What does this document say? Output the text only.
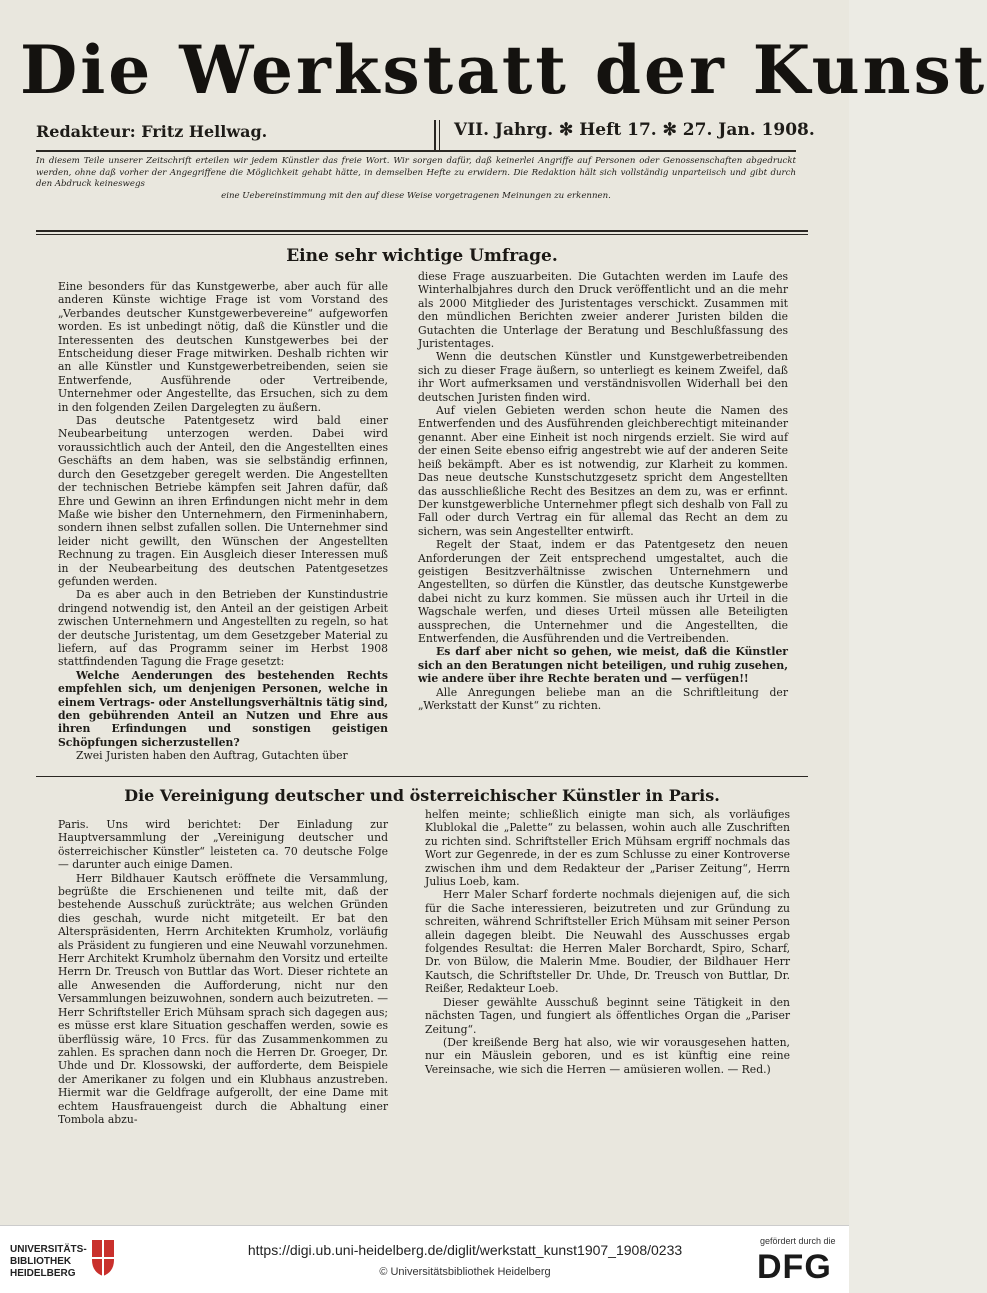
Die Werkstatt der Kunst
Redakteur: Fritz Hellwag.	VII. Jahrg. ✻ Heft 17. ✻ 27. Jan. 1908.
In diesem Teile unserer Zeitschrift erteilen wir jedem Künstler das freie Wort. Wir sorgen dafür, daß keinerlei Angriffe auf Personen oder Genossenschaften abgedruckt werden, ohne daß vorher der Angegriffene die Möglichkeit gehabt hätte, in demselben Hefte zu erwidern. Die Redaktion hält sich vollständig unparteiisch und gibt durch den Abdruck keineswegs
eine Uebereinstimmung mit den auf diese Weise vorgetragenen Meinungen zu erkennen.
Eine sehr wichtige Umfrage.

Eine besonders für das Kunstgewerbe, aber auch für alle anderen Künste wichtige Frage ist vom Vorstand des „Verbandes deutscher Kunstgewerbevereine“ aufgeworfen worden. Es ist unbedingt nötig, daß die Künstler und die Interessenten des deutschen Kunstgewerbes bei der Entscheidung dieser Frage mitwirken. Deshalb richten wir an alle Künstler und Kunstgewerbetreibenden, seien sie Entwerfende, Ausführende oder Vertreibende, Unternehmer oder Angestellte, das Ersuchen, sich zu dem in den folgenden Zeilen Dargelegten zu äußern.

Das deutsche Patentgesetz wird bald einer Neubearbeitung unterzogen werden. Dabei wird voraussichtlich auch der Anteil, den die Angestellten eines Geschäfts an dem haben, was sie selbständig erfinnen, durch den Gesetzgeber geregelt werden. Die Angestellten der technischen Betriebe kämpfen seit Jahren dafür, daß Ehre und Gewinn an ihren Erfindungen nicht mehr in dem Maße wie bisher den Unternehmern, den Firmeninhabern, sondern ihnen selbst zufallen sollen. Die Unternehmer sind leider nicht gewillt, den Wünschen der Angestellten Rechnung zu tragen. Ein Ausgleich dieser Interessen muß in der Neubearbeitung des deutschen Patentgesetzes gefunden werden.

Da es aber auch in den Betrieben der Kunstindustrie dringend notwendig ist, den Anteil an der geistigen Arbeit zwischen Unternehmern und Angestellten zu regeln, so hat der deutsche Juristentag, um dem Gesetzgeber Material zu liefern, auf das Programm seiner im Herbst 1908 stattfindenden Tagung die Frage gesetzt:

Welche Aenderungen des bestehenden Rechts empfehlen sich, um denjenigen Personen, welche in einem Vertrags- oder Anstellungsverhältnis tätig sind, den gebührenden Anteil an Nutzen und Ehre aus ihren Erfindungen und sonstigen geistigen Schöpfungen sicherzustellen?

Zwei Juristen haben den Auftrag, Gutachten über

diese Frage auszuarbeiten. Die Gutachten werden im Laufe des Winterhalbjahres durch den Druck veröffentlicht und an die mehr als 2000 Mitglieder des Juristentages verschickt. Zusammen mit den mündlichen Berichten zweier anderer Juristen bilden die Gutachten die Unterlage der Beratung und Beschlußfassung des Juristentages.

Wenn die deutschen Künstler und Kunstgewerbetreibenden sich zu dieser Frage äußern, so unterliegt es keinem Zweifel, daß ihr Wort aufmerksamen und verständnisvollen Widerhall bei den deutschen Juristen finden wird.

Auf vielen Gebieten werden schon heute die Namen des Entwerfenden und des Ausführenden gleichberechtigt miteinander genannt. Aber eine Einheit ist noch nirgends erzielt. Sie wird auf der einen Seite ebenso eifrig angestrebt wie auf der anderen Seite heiß bekämpft. Aber es ist notwendig, zur Klarheit zu kommen. Das neue deutsche Kunstschutzgesetz spricht dem Angestellten das ausschließliche Recht des Besitzes an dem zu, was er erfinnt. Der kunstgewerbliche Unternehmer pflegt sich deshalb von Fall zu Fall oder durch Vertrag ein für allemal das Recht an dem zu sichern, was sein Angestellter entwirft.

Regelt der Staat, indem er das Patentgesetz den neuen Anforderungen der Zeit entsprechend umgestaltet, auch die geistigen Besitzverhältnisse zwischen Unternehmern und Angestellten, so dürfen die Künstler, das deutsche Kunstgewerbe dabei nicht zu kurz kommen. Sie müssen auch ihr Urteil in die Wagschale werfen, und dieses Urteil müssen alle Beteiligten aussprechen, die Unternehmer und die Angestellten, die Entwerfenden, die Ausführenden und die Vertreibenden.

Es darf aber nicht so gehen, wie meist, daß die Künstler sich an den Beratungen nicht beteiligen, und ruhig zusehen, wie andere über ihre Rechte beraten und — verfügen!!

Alle Anregungen beliebe man an die Schriftleitung der „Werkstatt der Kunst“ zu richten.

Die Vereinigung deutscher und österreichischer Künstler in Paris.

Paris. Uns wird berichtet: Der Einladung zur Hauptversammlung der „Vereinigung deutscher und österreichischer Künstler“ leisteten ca. 70 deutsche Folge — darunter auch einige Damen.

Herr Bildhauer Kautsch eröffnete die Versammlung, begrüßte die Erschienenen und teilte mit, daß der bestehende Ausschuß zurückträte; aus welchen Gründen dies geschah, wurde nicht mitgeteilt. Er bat den Alterspräsidenten, Herrn Architekten Krumholz, vorläufig als Präsident zu fungieren und eine Neuwahl vorzunehmen. Herr Architekt Krumholz übernahm den Vorsitz und erteilte Herrn Dr. Treusch von Buttlar das Wort. Dieser richtete an alle Anwesenden die Aufforderung, nicht nur den Versammlungen beizuwohnen, sondern auch beizutreten. — Herr Schriftsteller Erich Mühsam sprach sich dagegen aus; es müsse erst klare Situation geschaffen werden, sowie es überflüssig wäre, 10 Frcs. für das Zusammenkommen zu zahlen. Es sprachen dann noch die Herren Dr. Groeger, Dr. Uhde und Dr. Klossowski, der aufforderte, dem Beispiele der Amerikaner zu folgen und ein Klubhaus anzustreben. Hiermit war die Geldfrage aufgerollt, der eine Dame mit echtem Hausfrauengeist durch die Abhaltung einer Tombola abzu-

helfen meinte; schließlich einigte man sich, als vorläufiges Klublokal die „Palette“ zu belassen, wohin auch alle Zuschriften zu richten sind. Schriftsteller Erich Mühsam ergriff nochmals das Wort zur Gegenrede, in der es zum Schlusse zu einer Kontroverse zwischen ihm und dem Redakteur der „Pariser Zeitung“, Herrn Julius Loeb, kam.

Herr Maler Scharf forderte nochmals diejenigen auf, die sich für die Sache interessieren, beizutreten und zur Gründung zu schreiten, während Schriftsteller Erich Mühsam mit seiner Person allein dagegen bleibt. Die Neuwahl des Ausschusses ergab folgendes Resultat: die Herren Maler Borchardt, Spiro, Scharf, Dr. von Bülow, die Malerin Mme. Boudier, der Bildhauer Herr Kautsch, die Schriftsteller Dr. Uhde, Dr. Treusch von Buttlar, Dr. Reißer, Redakteur Loeb.

Dieser gewählte Ausschuß beginnt seine Tätigkeit in den nächsten Tagen, und fungiert als öffentliches Organ die „Pariser Zeitung“.

(Der kreißende Berg hat also, wie wir vorausgesehen hatten, nur ein Mäuslein geboren, und es ist künftig eine reine Vereinsache, wie sich die Herren — amüsieren wollen. — Red.)

UNIVERSITÄTS-
BIBLIOTHEK
HEIDELBERG
https://digi.ub.uni-heidelberg.de/diglit/werkstatt_kunst1907_1908/0233
© Universitätsbibliothek Heidelberg
gefördert durch die
DFG
